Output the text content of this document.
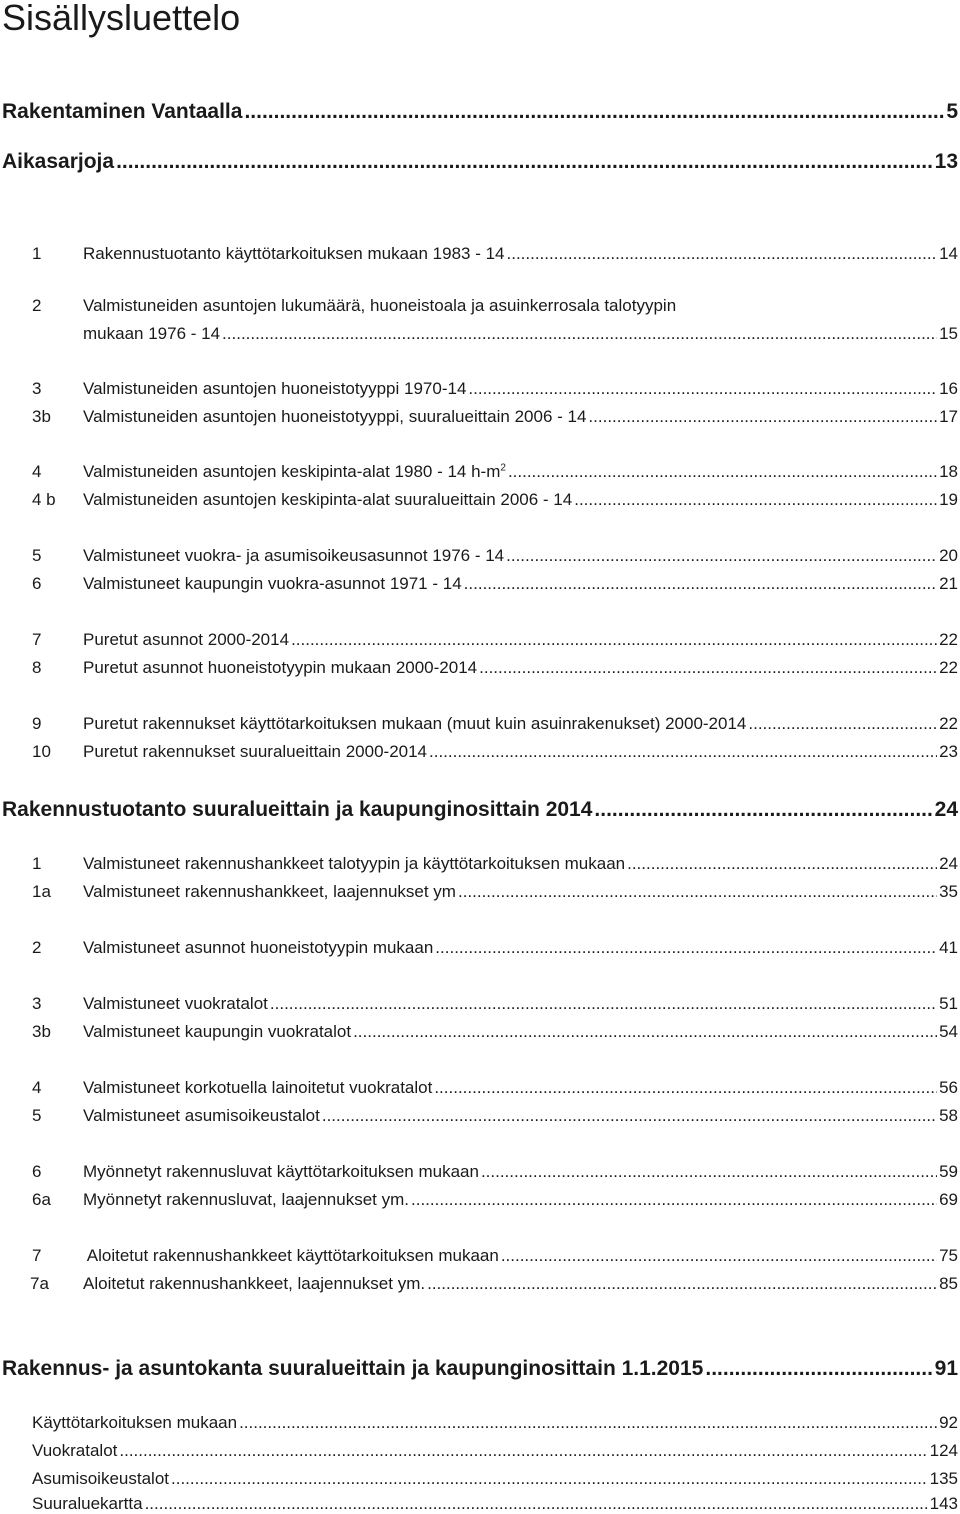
Sisällysluettelo
Rakentaminen Vantaalla .....	5
Aikasarjoja .....	13
1	Rakennustuotanto käyttötarkoituksen mukaan 1983 - 14 .....	14
2	Valmistuneiden asuntojen lukumäärä, huoneistoala ja asuinkerrosala talotyypin
mukaan 1976 - 14 .....	15
3	Valmistuneiden asuntojen huoneistotyyppi 1970-14 .....	16
3b	Valmistuneiden asuntojen huoneistotyyppi, suuralueittain 2006 - 14 .....	17
4	Valmistuneiden asuntojen keskipinta-alat 1980 - 14 $h-m^2$ .....	18
4 b	Valmistuneiden asuntojen keskipinta-alat suuralueittain 2006 - 14 .....	19
5	Valmistuneet vuokra- ja asumisoikeusasunnot 1976 - 14 .....	20
6	Valmistuneet kaupungin vuokra-asunnot 1971 - 14 .....	21
7	Puretut asunnot 2000-2014 .....	22
8	Puretut asunnot huoneistotyypin mukaan 2000-2014 .....	22
9	Puretut rakennukset käyttötarkoituksen mukaan (muut kuin asuinrakenukset) 2000-2014 .....	22
10	Puretut rakennukset suuralueittain 2000-2014 .....	23
Rakennustuotanto suuralueittain ja kaupunginosittain 2014 .....	24
1	Valmistuneet rakennushankkeet talotyypin ja käyttötarkoituksen mukaan .....	24
1a	Valmistuneet rakennushankkeet, laajennukset ym .....	35
2	Valmistuneet asunnot huoneistotyypin mukaan .....	41
3	Valmistuneet vuokratalot .....	51
3b	Valmistuneet kaupungin vuokratalot .....	54
4	Valmistuneet korkotuella lainoitetut vuokratalot .....	56
5	Valmistuneet asumisoikeustalot .....	58
6	Myönnetyt rakennusluvat käyttötarkoituksen mukaan .....	59
6a	Myönnetyt rakennusluvat, laajennukset ym. .....	69
7	Aloitetut rakennushankkeet käyttötarkoituksen mukaan .....	75
7a	Aloitetut rakennushankkeet, laajennukset ym. .....	85
Rakennus- ja asuntokanta suuralueittain ja kaupunginosittain 1.1.2015 .....	91
Käyttötarkoituksen mukaan .....	92
Vuokratalot .....	124
Asumisoikeustalot .....	135
Suuraluekartta .....	143
